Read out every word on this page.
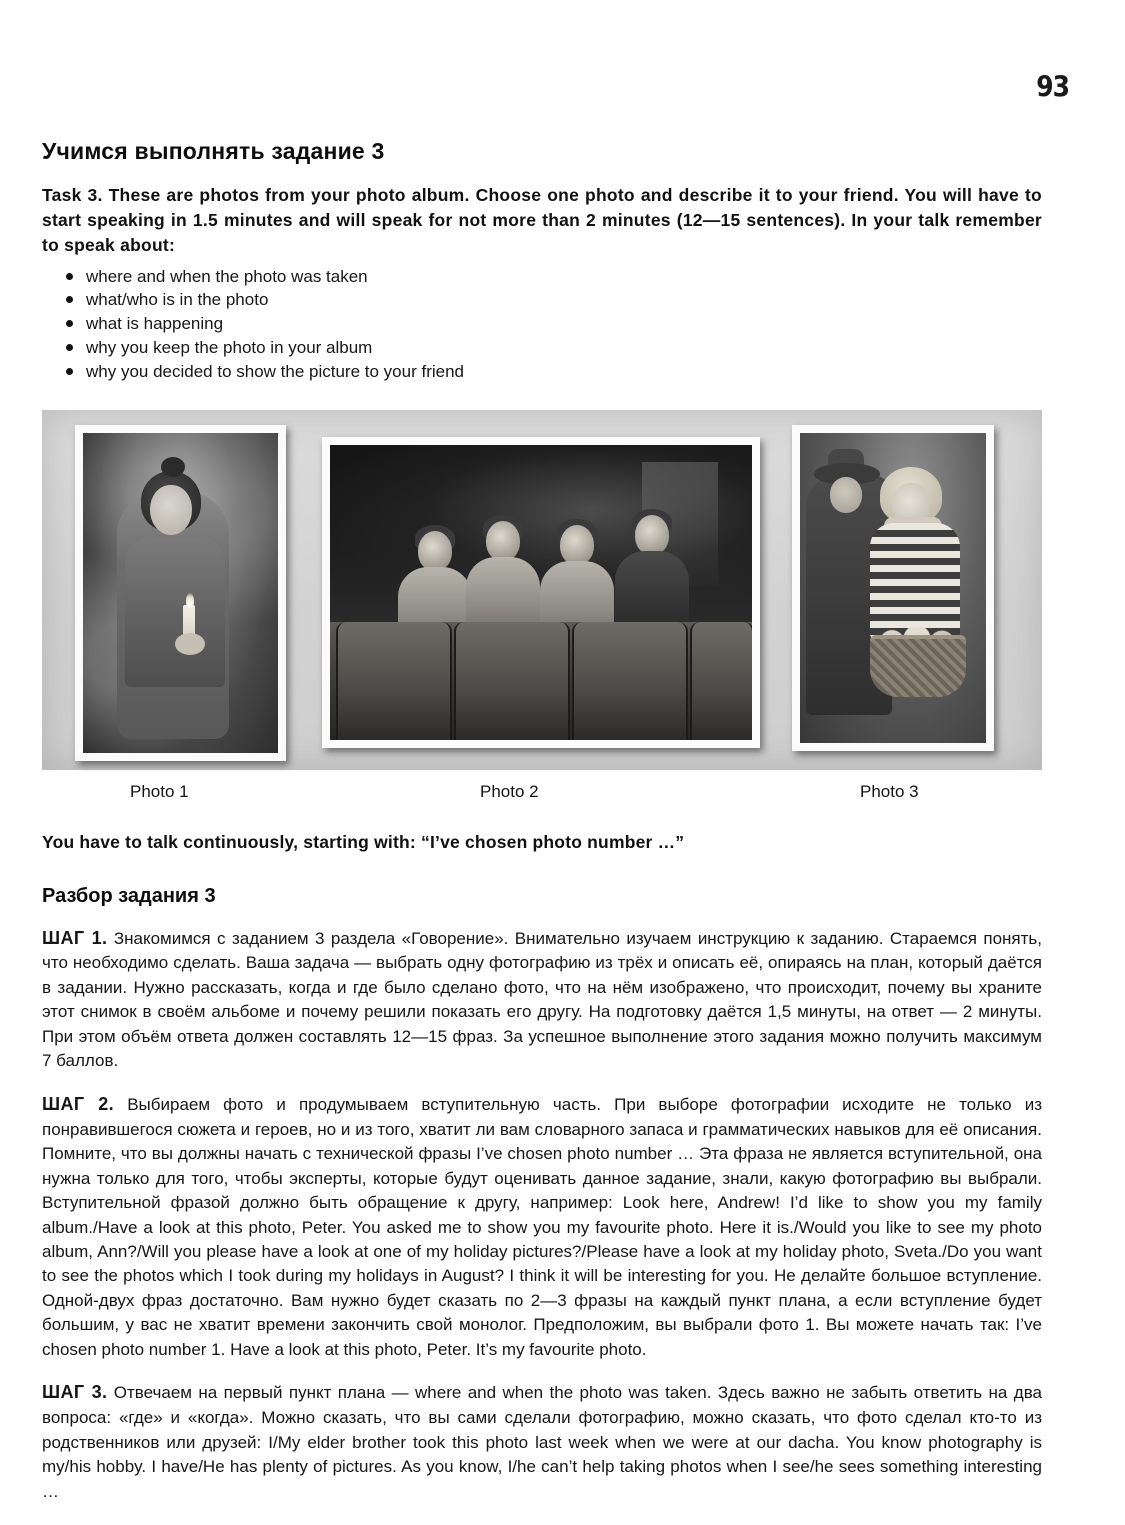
93
Учимся выполнять задание 3

Task 3. These are photos from your photo album. Choose one photo and describe it to your friend. You will have to start speaking in 1.5 minutes and will speak for not more than 2 minutes (12—15 sentences). In your talk remember to speak about:

where and when the photo was taken
what/who is in the photo
what is happening
why you keep the photo in your album
why you decided to show the picture to your friend
Photo 1	Photo 2	Photo 3

You have to talk continuously, starting with: “I’ve chosen photo number …”

Разбор задания 3

ШАГ 1. Знакомимся с заданием 3 раздела «Говорение». Внимательно изучаем инструкцию к заданию. Стараемся понять, что необходимо сделать. Ваша задача — выбрать одну фотографию из трёх и описать её, опираясь на план, который даётся в задании. Нужно рассказать, когда и где было сделано фото, что на нём изображено, что происходит, почему вы храните этот снимок в своём альбоме и почему решили показать его другу. На подготовку даётся 1,5 минуты, на ответ — 2 минуты. При этом объём ответа должен составлять 12—15 фраз. За успешное выполнение этого задания можно получить максимум 7 баллов.

ШАГ 2. Выбираем фото и продумываем вступительную часть. При выборе фотографии исходите не только из понравившегося сюжета и героев, но и из того, хватит ли вам словарного запаса и грамматических навыков для её описания. Помните, что вы должны начать с технической фразы I’ve chosen photo number … Эта фраза не является вступительной, она нужна только для того, чтобы эксперты, которые будут оценивать данное задание, знали, какую фотографию вы выбрали. Вступительной фразой должно быть обращение к другу, например: Look here, Andrew! I’d like to show you my family album./Have a look at this photo, Peter. You asked me to show you my favourite photo. Here it is./Would you like to see my photo album, Ann?/Will you please have a look at one of my holiday pictures?/Please have a look at my holiday photo, Sveta./Do you want to see the photos which I took during my holidays in August? I think it will be interesting for you. Не делайте большое вступление. Одной-двух фраз достаточно. Вам нужно будет сказать по 2—3 фразы на каждый пункт плана, а если вступление будет большим, у вас не хватит времени закончить свой монолог. Предположим, вы выбрали фото 1. Вы можете начать так: I’ve chosen photo number 1. Have a look at this photo, Peter. It’s my favourite photo.

ШАГ 3. Отвечаем на первый пункт плана — where and when the photo was taken. Здесь важно не забыть ответить на два вопроса: «где» и «когда». Можно сказать, что вы сами сделали фотографию, можно сказать, что фото сделал кто-то из родственников или друзей: I/My elder brother took this photo last week when we were at our dacha. You know photography is my/his hobby. I have/He has plenty of pictures. As you know, I/he can’t help taking photos when I see/he sees something interesting …
